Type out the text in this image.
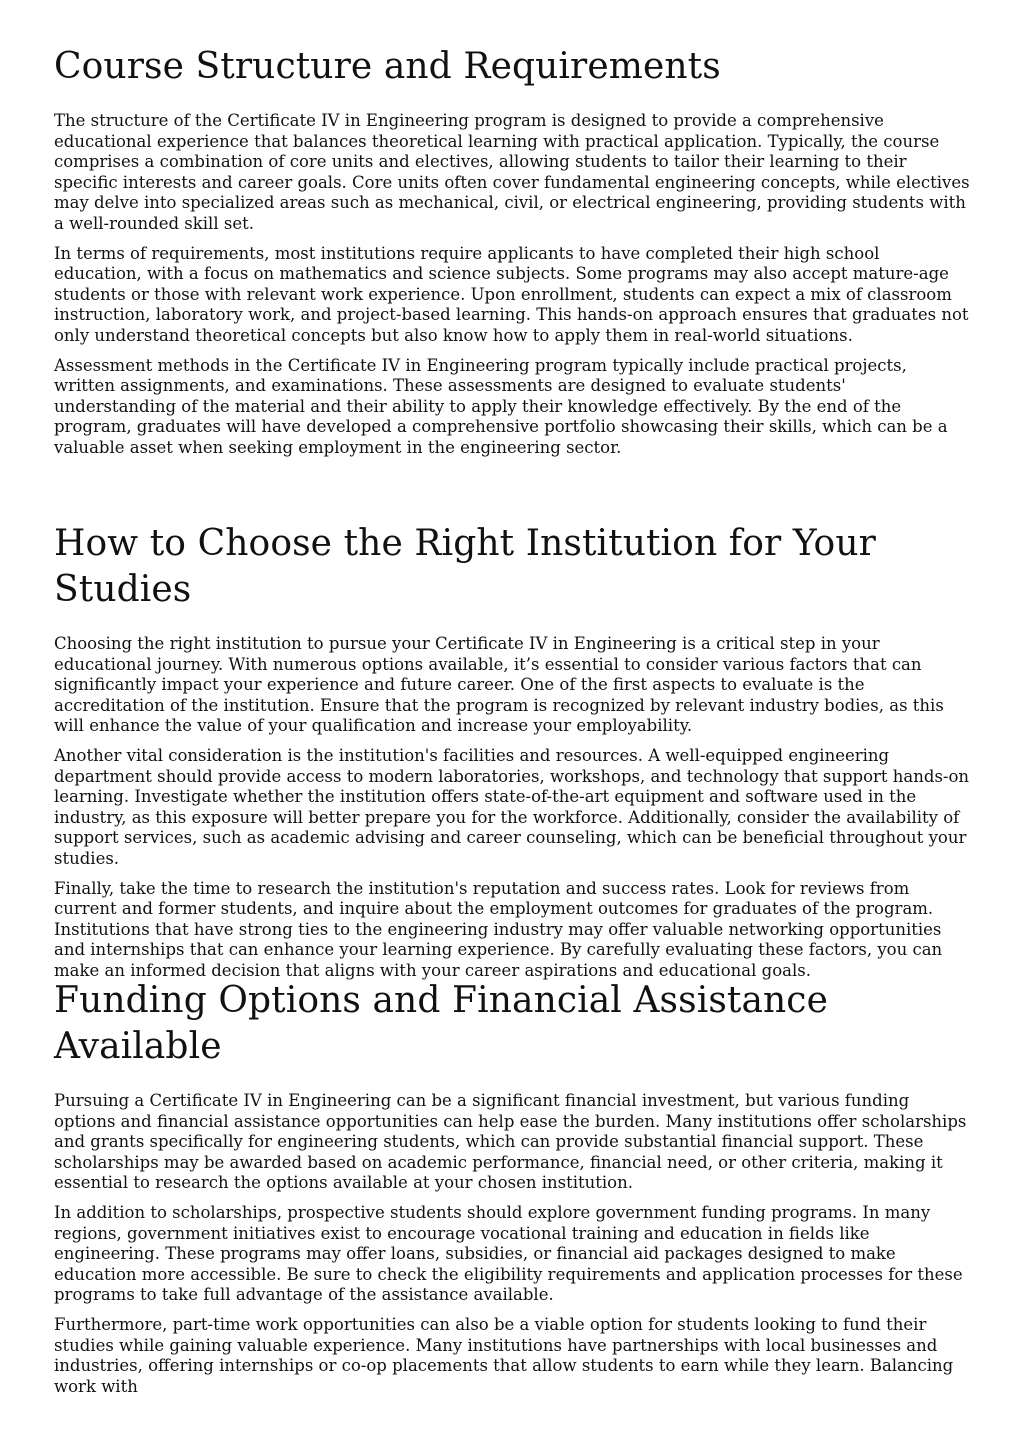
Course Structure and Requirements

The structure of the Certificate IV in Engineering program is designed to provide a comprehensive educational experience that balances theoretical learning with practical application. Typically, the course comprises a combination of core units and electives, allowing students to tailor their learning to their specific interests and career goals. Core units often cover fundamental engineering concepts, while electives may delve into specialized areas such as mechanical, civil, or electrical engineering, providing students with a well-rounded skill set.

In terms of requirements, most institutions require applicants to have completed their high school education, with a focus on mathematics and science subjects. Some programs may also accept mature-age students or those with relevant work experience. Upon enrollment, students can expect a mix of classroom instruction, laboratory work, and project-based learning. This hands-on approach ensures that graduates not only understand theoretical concepts but also know how to apply them in real-world situations.

Assessment methods in the Certificate IV in Engineering program typically include practical projects, written assignments, and examinations. These assessments are designed to evaluate students' understanding of the material and their ability to apply their knowledge effectively. By the end of the program, graduates will have developed a comprehensive portfolio showcasing their skills, which can be a valuable asset when seeking employment in the engineering sector.

How to Choose the Right Institution for Your Studies

Choosing the right institution to pursue your Certificate IV in Engineering is a critical step in your educational journey. With numerous options available, it’s essential to consider various factors that can significantly impact your experience and future career. One of the first aspects to evaluate is the accreditation of the institution. Ensure that the program is recognized by relevant industry bodies, as this will enhance the value of your qualification and increase your employability.

Another vital consideration is the institution's facilities and resources. A well-equipped engineering department should provide access to modern laboratories, workshops, and technology that support hands-on learning. Investigate whether the institution offers state-of-the-art equipment and software used in the industry, as this exposure will better prepare you for the workforce. Additionally, consider the availability of support services, such as academic advising and career counseling, which can be beneficial throughout your studies.

Finally, take the time to research the institution's reputation and success rates. Look for reviews from current and former students, and inquire about the employment outcomes for graduates of the program. Institutions that have strong ties to the engineering industry may offer valuable networking opportunities and internships that can enhance your learning experience. By carefully evaluating these factors, you can make an informed decision that aligns with your career aspirations and educational goals.

Funding Options and Financial Assistance Available

Pursuing a Certificate IV in Engineering can be a significant financial investment, but various funding options and financial assistance opportunities can help ease the burden. Many institutions offer scholarships and grants specifically for engineering students, which can provide substantial financial support. These scholarships may be awarded based on academic performance, financial need, or other criteria, making it essential to research the options available at your chosen institution.

In addition to scholarships, prospective students should explore government funding programs. In many regions, government initiatives exist to encourage vocational training and education in fields like engineering. These programs may offer loans, subsidies, or financial aid packages designed to make education more accessible. Be sure to check the eligibility requirements and application processes for these programs to take full advantage of the assistance available.

Furthermore, part-time work opportunities can also be a viable option for students looking to fund their studies while gaining valuable experience. Many institutions have partnerships with local businesses and industries, offering internships or co-op placements that allow students to earn while they learn. Balancing work with
